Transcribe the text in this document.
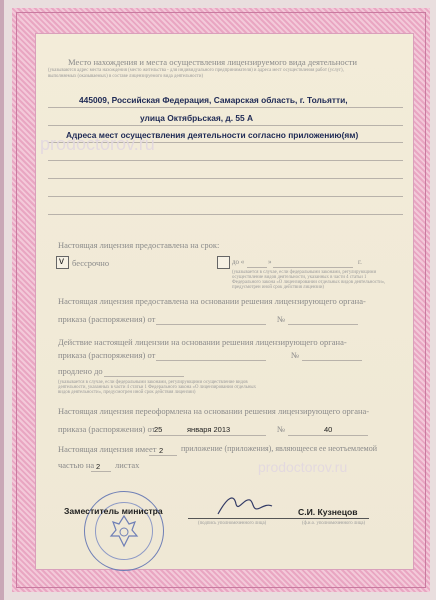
Место нахождения и места осуществления лицензируемого вида деятельности
(указываются адрес места нахождения (место жительства - для индивидуального предпринимателя) и адреса мест осуществления работ (услуг),
выполняемых (оказываемых) в составе лицензируемого вида деятельности)
445009, Российская Федерация, Самарская область, г. Тольятти,
улица Октябрьская, д. 55 А
Адреса мест осуществления деятельности согласно приложению(ям)
prodoctorov.ru
Настоящая лицензия предоставлена на срок:
v бессрочно	до «	»	г.
(указывается в случае, если федеральными законами, регулирующими
осуществление видов деятельности, указанных в части 4 статьи 1
Федерального закона «О лицензировании отдельных видов деятельности»,
предусмотрен иной срок действия лицензии)
Настоящая лицензия предоставлена на основании решения лицензирующего органа-
приказа (распоряжения) от	№
Действие настоящей лицензии на основании решения лицензирующего органа-
приказа (распоряжения) от	№
продлено до
(указывается в случае, если федеральными законами, регулирующими осуществление видов
деятельности, указанных в части 4 статьи 1 Федерального закона «О лицензировании отдельных
видов деятельности», предусмотрен иной срок действия лицензии)
Настоящая лицензия переоформлена на основании решения лицензирующего органа-
приказа (распоряжения) от
25	января 2013	№	40
Настоящая лицензия имеет 2 приложение (приложения), являющееся ее неотъемлемой
частью на 2 листах	prodoctorov.ru
Заместитель министра
(подпись уполномоченного лица)
С.И. Кузнецов
(ф.и.о. уполномоченного лица)
